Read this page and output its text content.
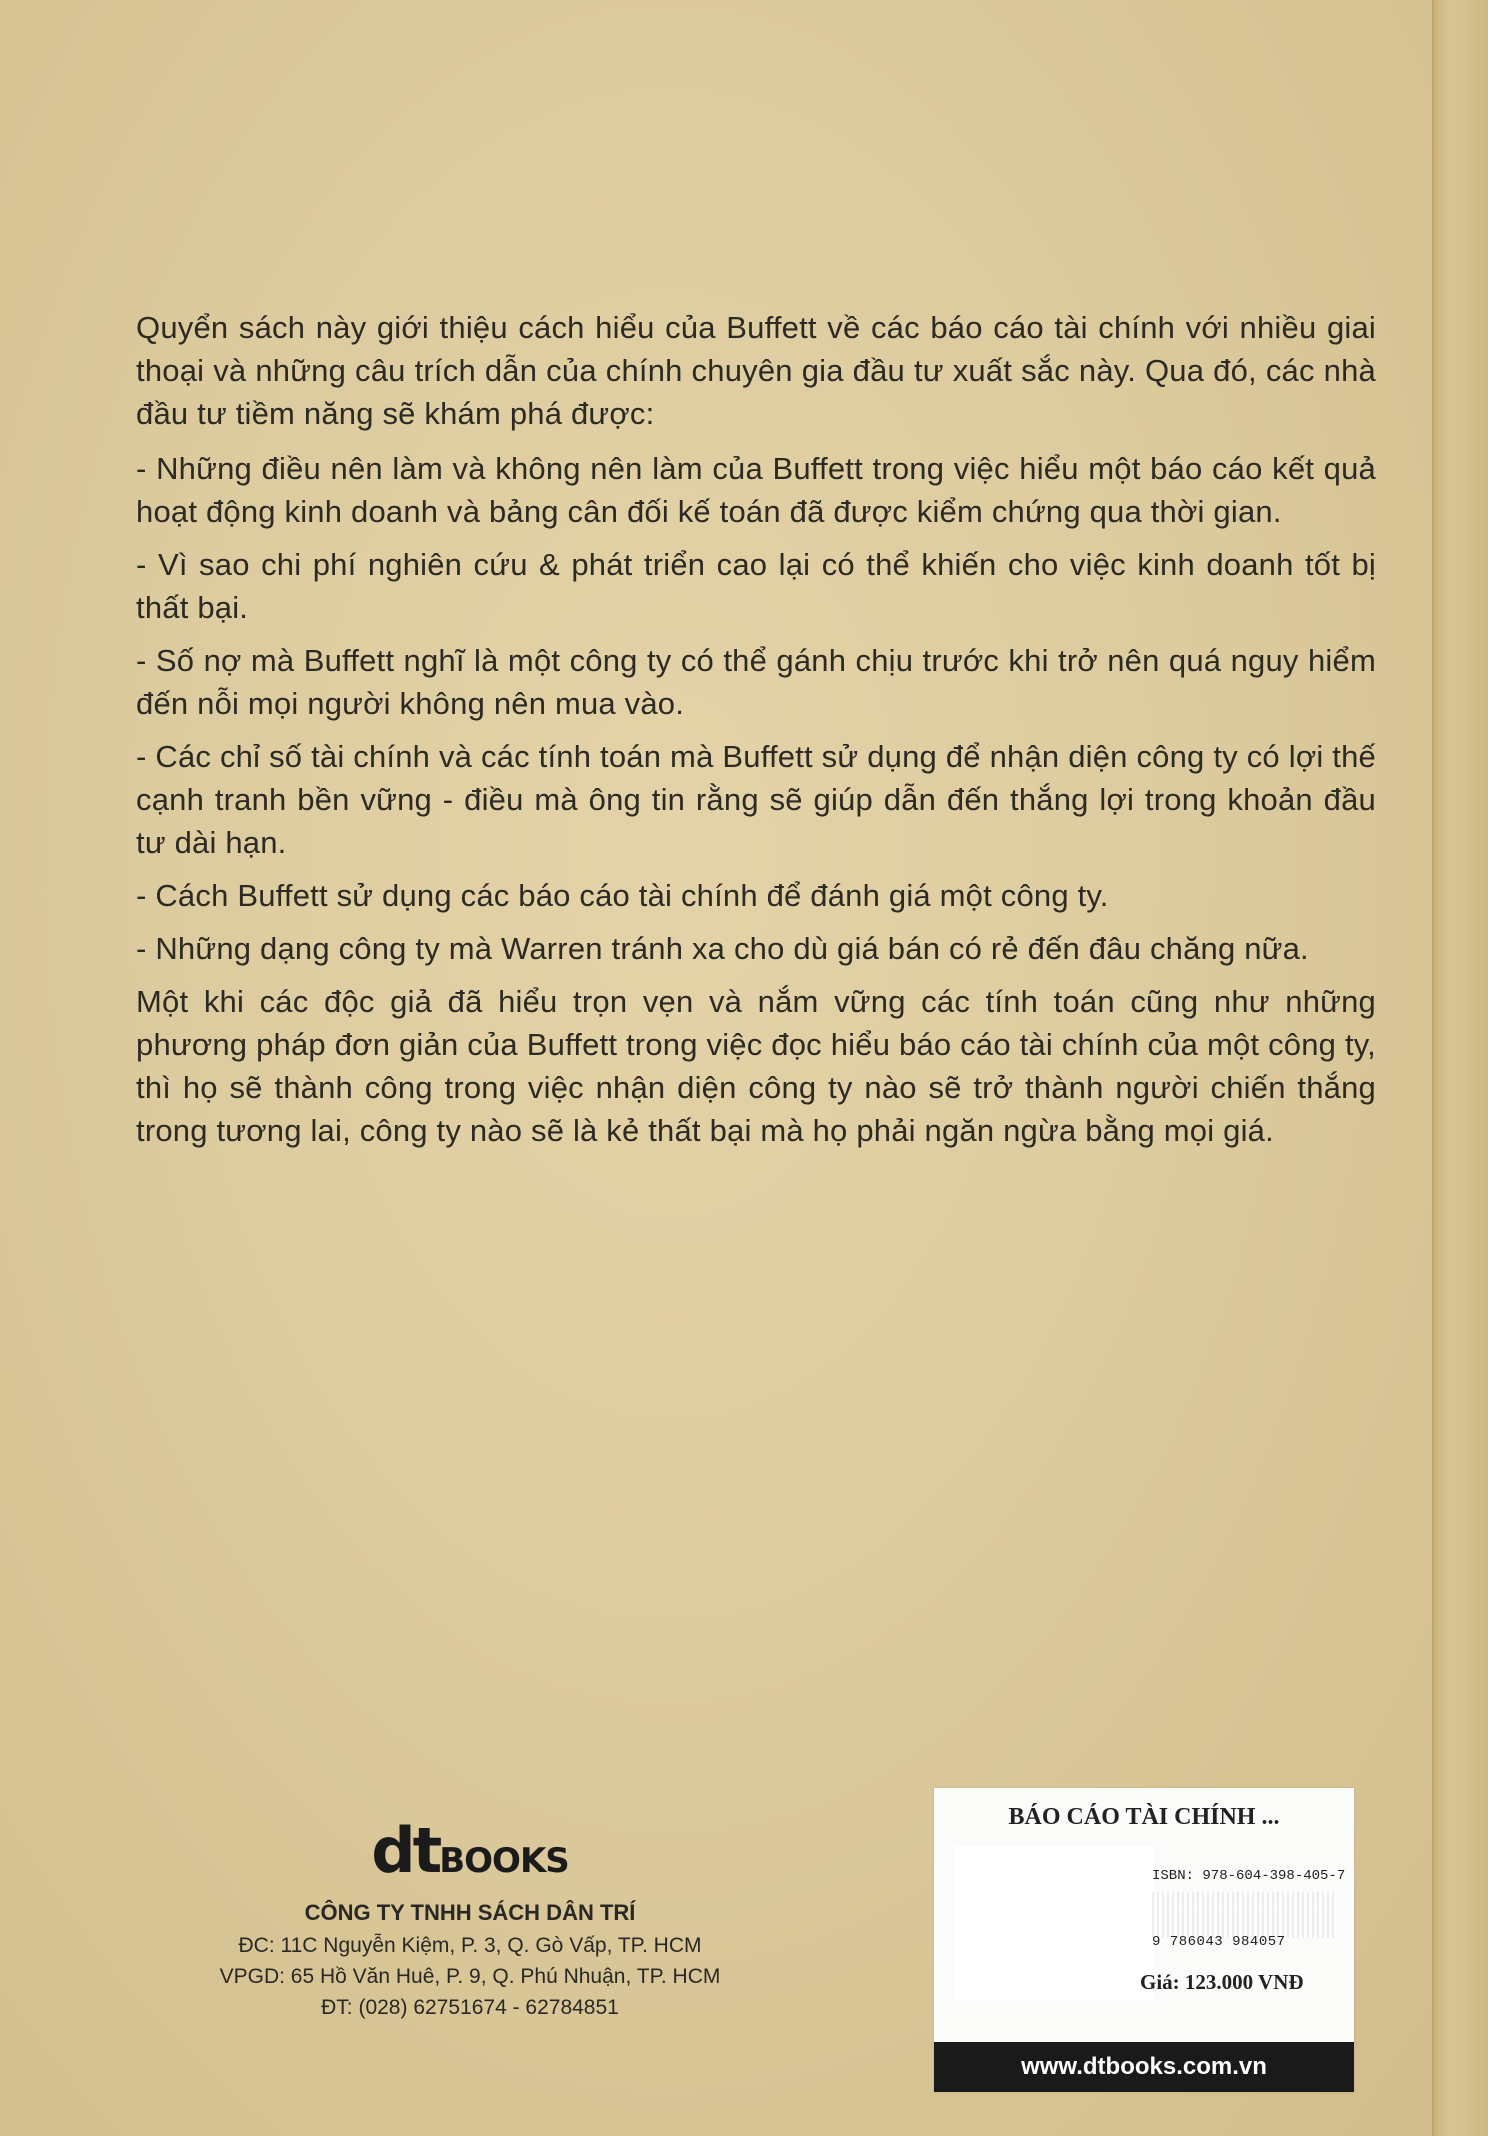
Quyển sách này giới thiệu cách hiểu của Buffett về các báo cáo tài chính với nhiều giai thoại và những câu trích dẫn của chính chuyên gia đầu tư xuất sắc này. Qua đó, các nhà đầu tư tiềm năng sẽ khám phá được:

- Những điều nên làm và không nên làm của Buffett trong việc hiểu một báo cáo kết quả hoạt động kinh doanh và bảng cân đối kế toán đã được kiểm chứng qua thời gian.

- Vì sao chi phí nghiên cứu & phát triển cao lại có thể khiến cho việc kinh doanh tốt bị thất bại.

- Số nợ mà Buffett nghĩ là một công ty có thể gánh chịu trước khi trở nên quá nguy hiểm đến nỗi mọi người không nên mua vào.

- Các chỉ số tài chính và các tính toán mà Buffett sử dụng để nhận diện công ty có lợi thế cạnh tranh bền vững - điều mà ông tin rằng sẽ giúp dẫn đến thắng lợi trong khoản đầu tư dài hạn.

- Cách Buffett sử dụng các báo cáo tài chính để đánh giá một công ty.

- Những dạng công ty mà Warren tránh xa cho dù giá bán có rẻ đến đâu chăng nữa.

Một khi các độc giả đã hiểu trọn vẹn và nắm vững các tính toán cũng như những phương pháp đơn giản của Buffett trong việc đọc hiểu báo cáo tài chính của một công ty, thì họ sẽ thành công trong việc nhận diện công ty nào sẽ trở thành người chiến thắng trong tương lai, công ty nào sẽ là kẻ thất bại mà họ phải ngăn ngừa bằng mọi giá.

dtBOOKS
CÔNG TY TNHH SÁCH DÂN TRÍ
ĐC: 11C Nguyễn Kiệm, P. 3, Q. Gò Vấp, TP. HCM
VPGD: 65 Hồ Văn Huê, P. 9, Q. Phú Nhuận, TP. HCM
ĐT: (028) 62751674 - 62784851
BÁO CÁO TÀI CHÍNH ...
ISBN: 978-604-398-405-7
9 786043 984057
Giá: 123.000 VNĐ
www.dtbooks.com.vn
